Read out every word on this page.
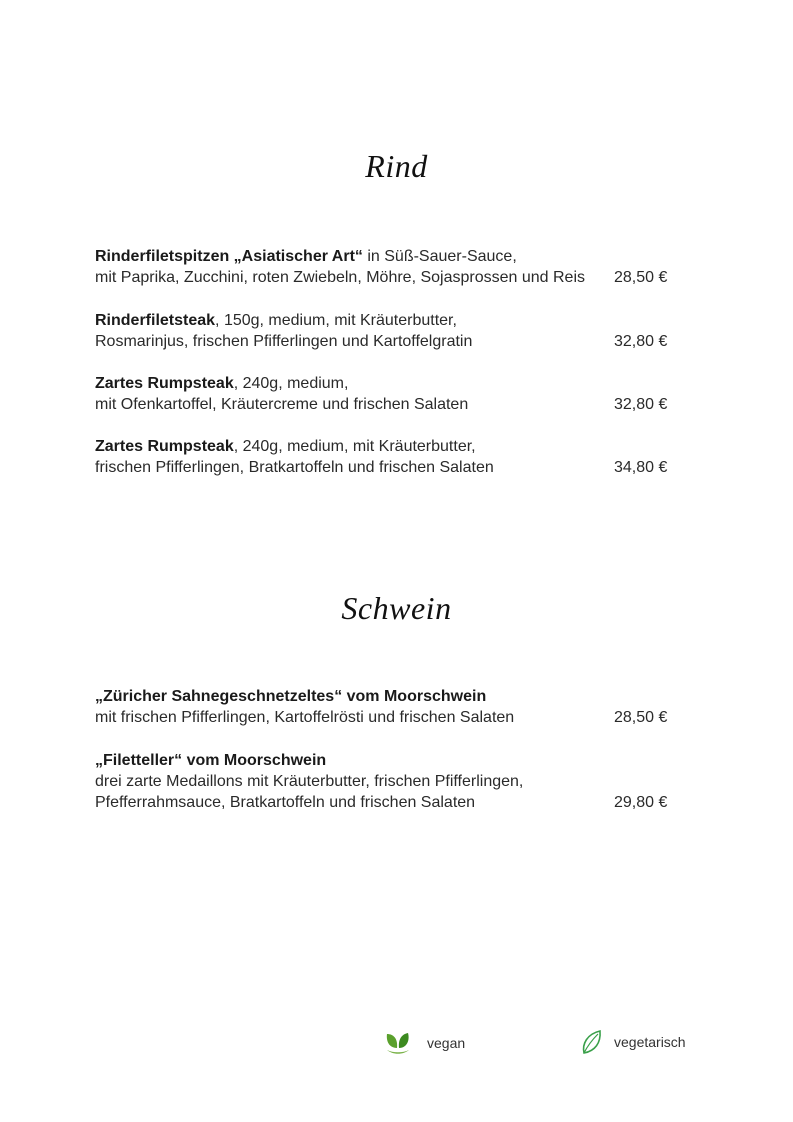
Rind
Rinderfiletspitzen „Asiatischer Art“ in Süß-Sauer-Sauce,
mit Paprika, Zucchini, roten Zwiebeln, Möhre, Sojasprossen und Reis 28,50 €
Rinderfiletsteak, 150g, medium, mit Kräuterbutter,
Rosmarinjus, frischen Pfifferlingen und Kartoffelgratin	32,80 €
Zartes Rumpsteak, 240g, medium,
mit Ofenkartoffel, Kräutercreme und frischen Salaten	32,80 €
Zartes Rumpsteak, 240g, medium, mit Kräuterbutter,
frischen Pfifferlingen, Bratkartoffeln und frischen Salaten	34,80 €
Schwein
„Züricher Sahnegeschnetzeltes“ vom Moorschwein
mit frischen Pfifferlingen, Kartoffelrösti und frischen Salaten	28,50 €
„Filetteller“ vom Moorschwein
drei zarte Medaillons mit Kräuterbutter, frischen Pfifferlingen,
Pfefferrahmsauce, Bratkartoffeln und frischen Salaten	29,80 €
vegan	vegetarisch
